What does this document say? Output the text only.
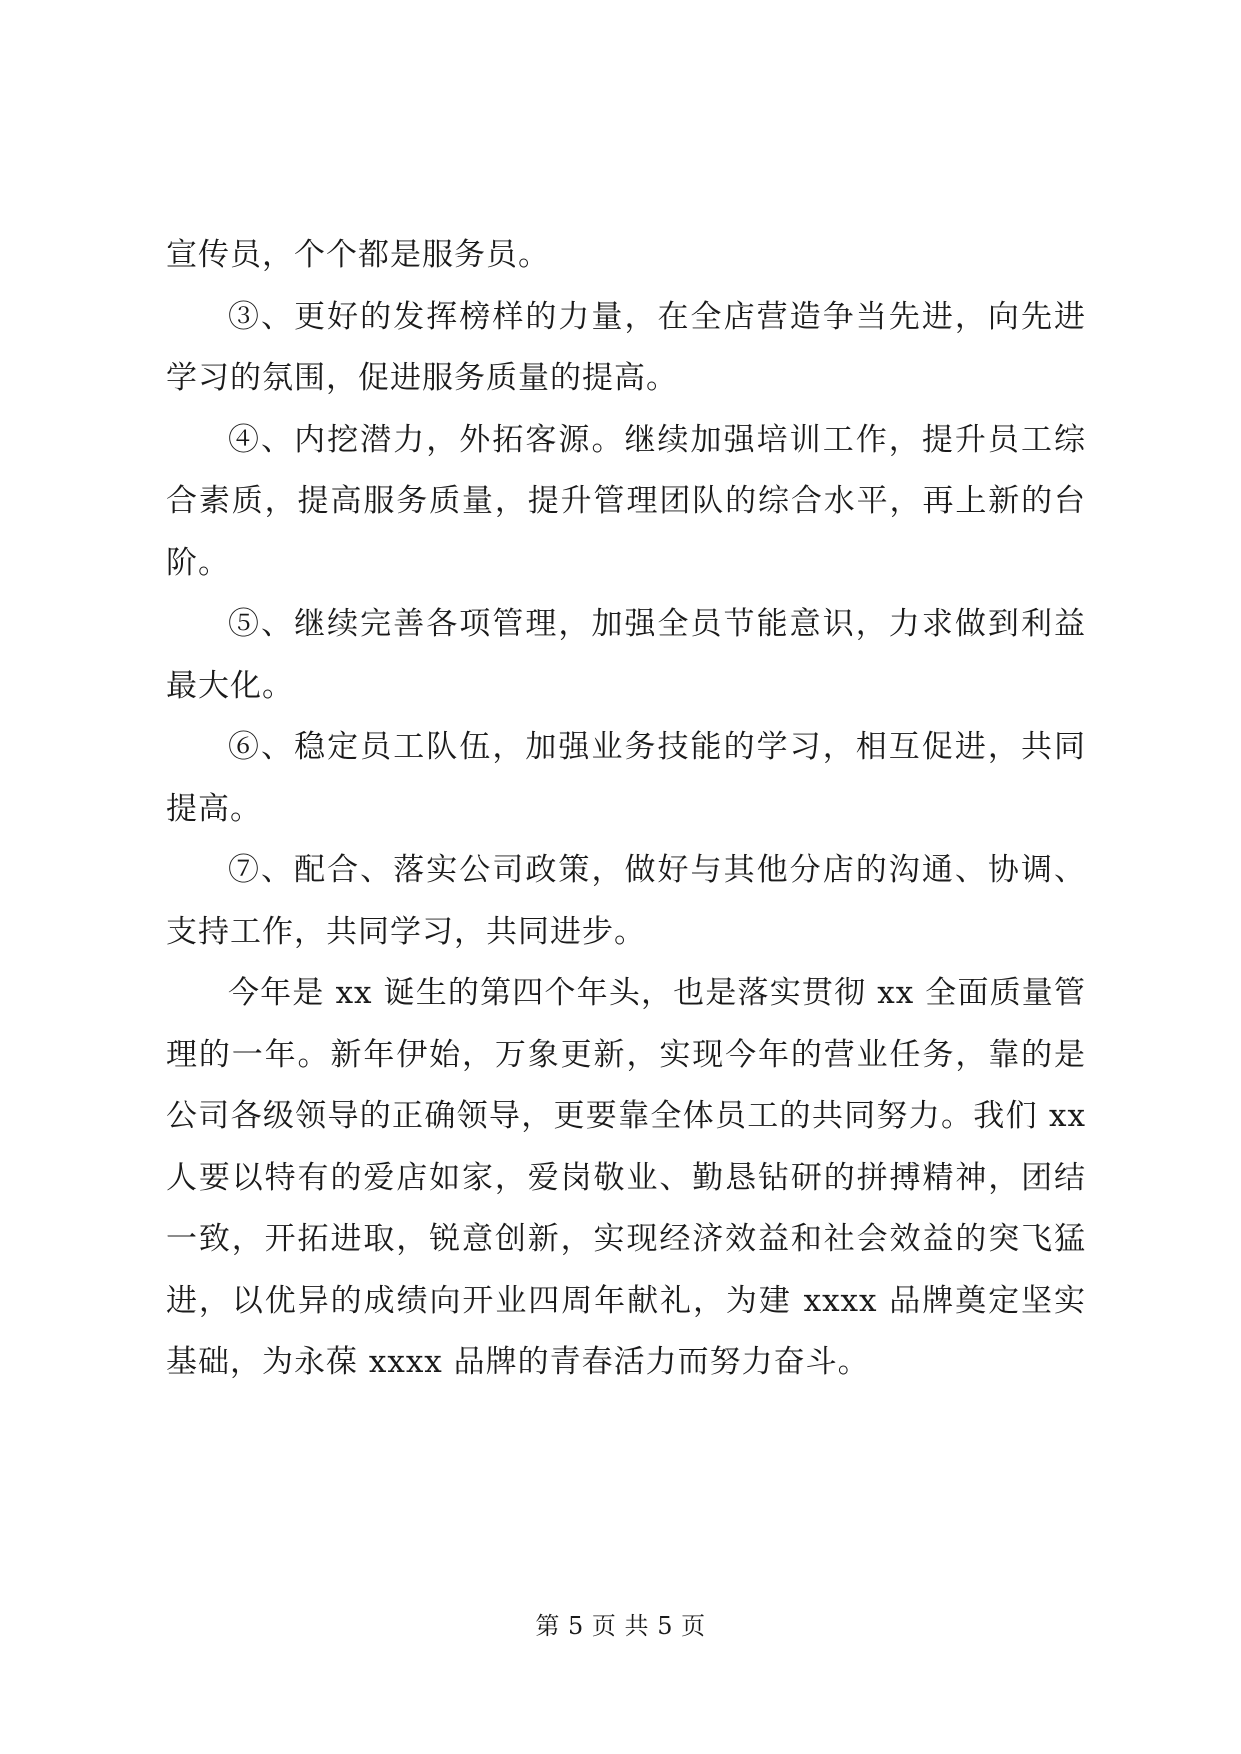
宣传员，个个都是服务员。

③、更好的发挥榜样的力量，在全店营造争当先进，向先进学习的氛围，促进服务质量的提高。

④、内挖潜力，外拓客源。继续加强培训工作，提升员工综合素质，提高服务质量，提升管理团队的综合水平，再上新的台阶。

⑤、继续完善各项管理，加强全员节能意识，力求做到利益最大化。

⑥、稳定员工队伍，加强业务技能的学习，相互促进，共同提高。

⑦、配合、落实公司政策，做好与其他分店的沟通、协调、支持工作，共同学习，共同进步。

今年是 xx 诞生的第四个年头，也是落实贯彻 xx 全面质量管理的一年。新年伊始，万象更新，实现今年的营业任务，靠的是公司各级领导的正确领导，更要靠全体员工的共同努力。我们 xx 人要以特有的爱店如家，爱岗敬业、勤恳钻研的拼搏精神，团结一致，开拓进取，锐意创新，实现经济效益和社会效益的突飞猛进，以优异的成绩向开业四周年献礼，为建 xxxx 品牌奠定坚实基础，为永葆 xxxx 品牌的青春活力而努力奋斗。

第 5 页 共 5 页
